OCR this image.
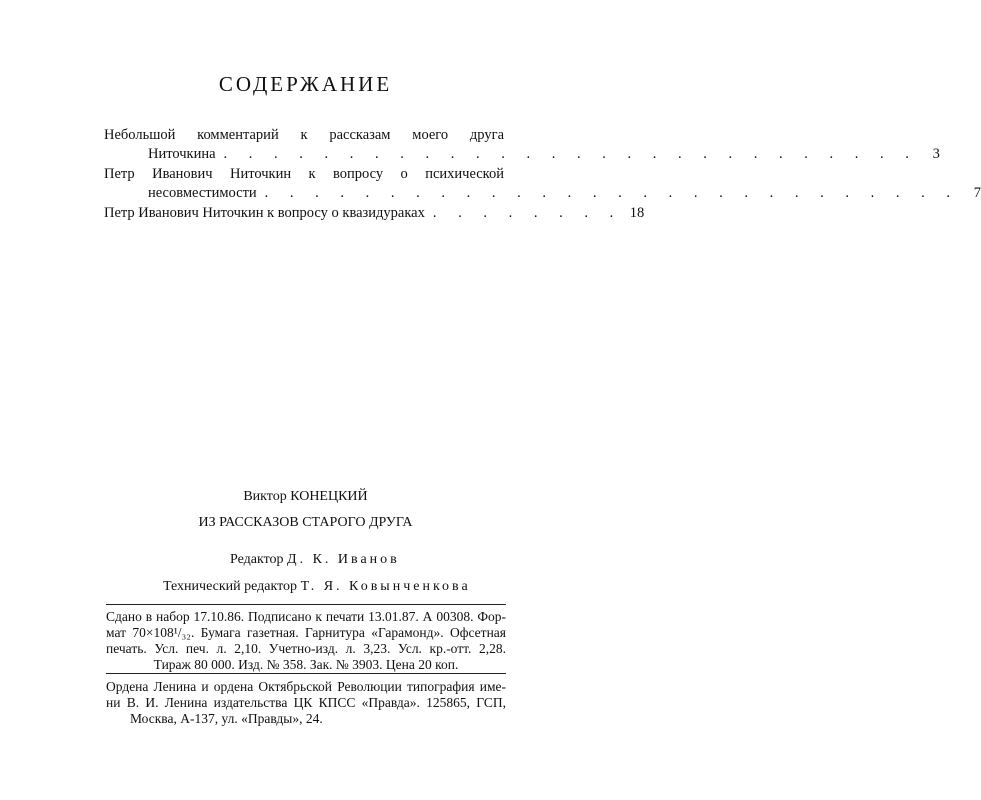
СОДЕРЖАНИЕ
Небольшой комментарий к рассказам моего друга
Ниточкина . . . . . . . . . . . . . . . . . . . . . . . . . . . .	3
Петр Иванович Ниточкин к вопросу о психической
несовместимости . . . . . . . . . . . . . . . . . . . . . . . . . . . .	7
Петр Иванович Ниточкин к вопросу о квазидураках . . . . . . . . 18
Виктор КОНЕЦКИЙ
ИЗ РАССКАЗОВ СТАРОГО ДРУГА
Редактор Д. К. Иванов
Технический редактор Т. Я. Ковынченкова
Сдано в набор 17.10.86. Подписано к печати 13.01.87. А 00308. Фор-
мат 70×108¹/₃₂. Бумага газетная. Гарнитура «Гарамонд». Офсетная
печать. Усл. печ. л. 2,10. Учетно-изд. л. 3,23. Усл. кр.-отт. 2,28.
Тираж 80 000. Изд. № 358. Зак. № 3903. Цена 20 коп.
Ордена Ленина и ордена Октябрьской Революции типография име-
ни В. И. Ленина издательства ЦК КПСС «Правда». 125865, ГСП,
Москва, А-137, ул. «Правды», 24.
